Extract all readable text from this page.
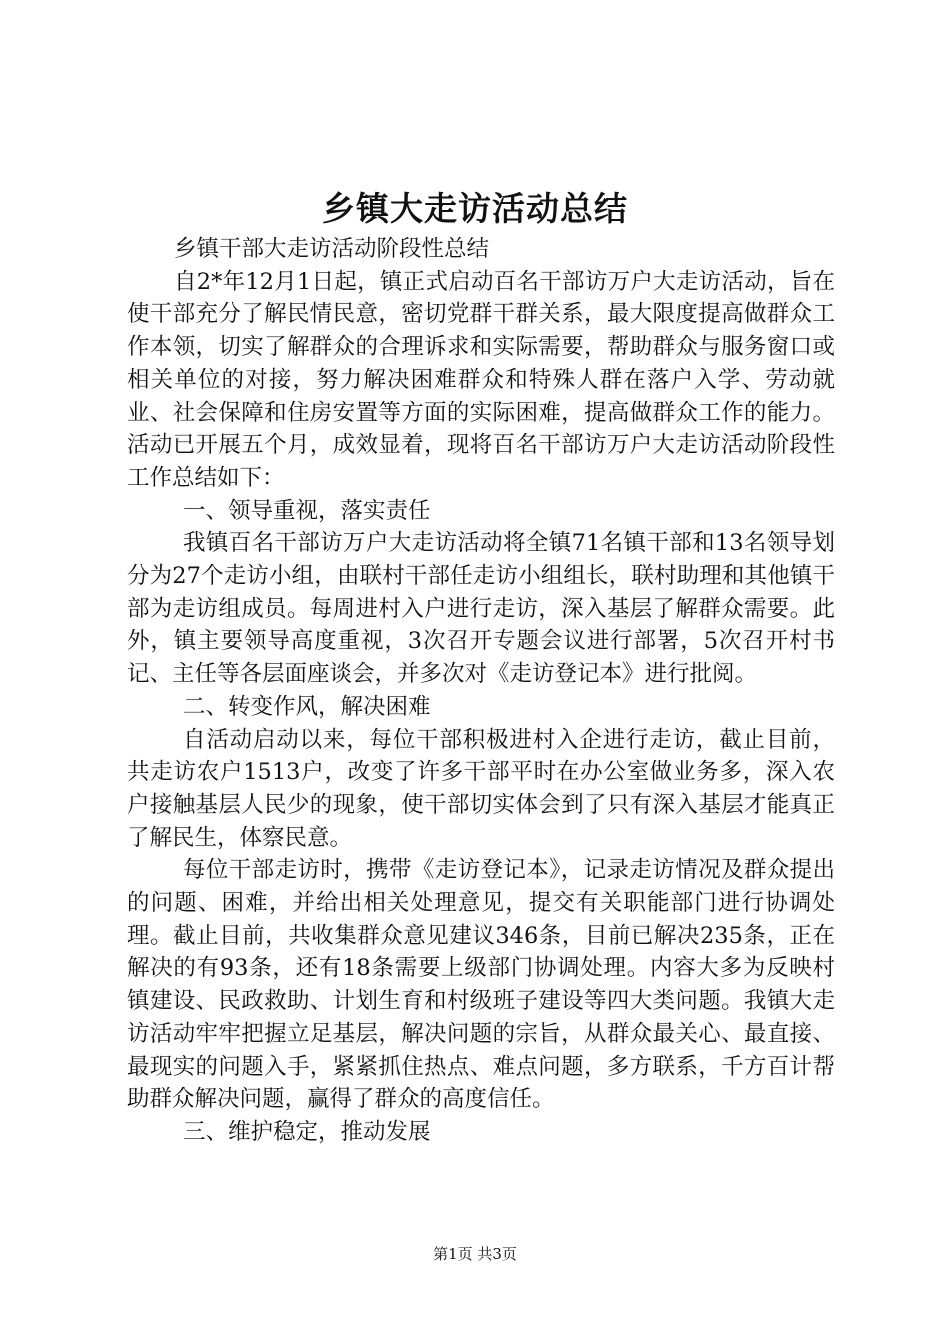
乡镇大走访活动总结

乡镇干部大走访活动阶段性总结

自2*年12月1日起，镇正式启动百名干部访万户大走访活动，旨在使干部充分了解民情民意，密切党群干群关系，最大限度提高做群众工作本领，切实了解群众的合理诉求和实际需要，帮助群众与服务窗口或相关单位的对接，努力解决困难群众和特殊人群在落户入学、劳动就业、社会保障和住房安置等方面的实际困难，提高做群众工作的能力。活动已开展五个月，成效显着，现将百名干部访万户大走访活动阶段性工作总结如下：

一、领导重视，落实责任

我镇百名干部访万户大走访活动将全镇71名镇干部和13名领导划分为27个走访小组，由联村干部任走访小组组长，联村助理和其他镇干部为走访组成员。每周进村入户进行走访，深入基层了解群众需要。此外，镇主要领导高度重视，3次召开专题会议进行部署，5次召开村书记、主任等各层面座谈会，并多次对《走访登记本》进行批阅。

二、转变作风，解决困难

自活动启动以来，每位干部积极进村入企进行走访，截止目前，共走访农户1513户，改变了许多干部平时在办公室做业务多，深入农户接触基层人民少的现象，使干部切实体会到了只有深入基层才能真正了解民生，体察民意。

每位干部走访时，携带《走访登记本》，记录走访情况及群众提出的问题、困难，并给出相关处理意见，提交有关职能部门进行协调处理。截止目前，共收集群众意见建议346条，目前已解决235条，正在解决的有93条，还有18条需要上级部门协调处理。内容大多为反映村镇建设、民政救助、计划生育和村级班子建设等四大类问题。我镇大走访活动牢牢把握立足基层，解决问题的宗旨，从群众最关心、最直接、最现实的问题入手，紧紧抓住热点、难点问题，多方联系，千方百计帮助群众解决问题，赢得了群众的高度信任。

三、维护稳定，推动发展

第1页 共3页
